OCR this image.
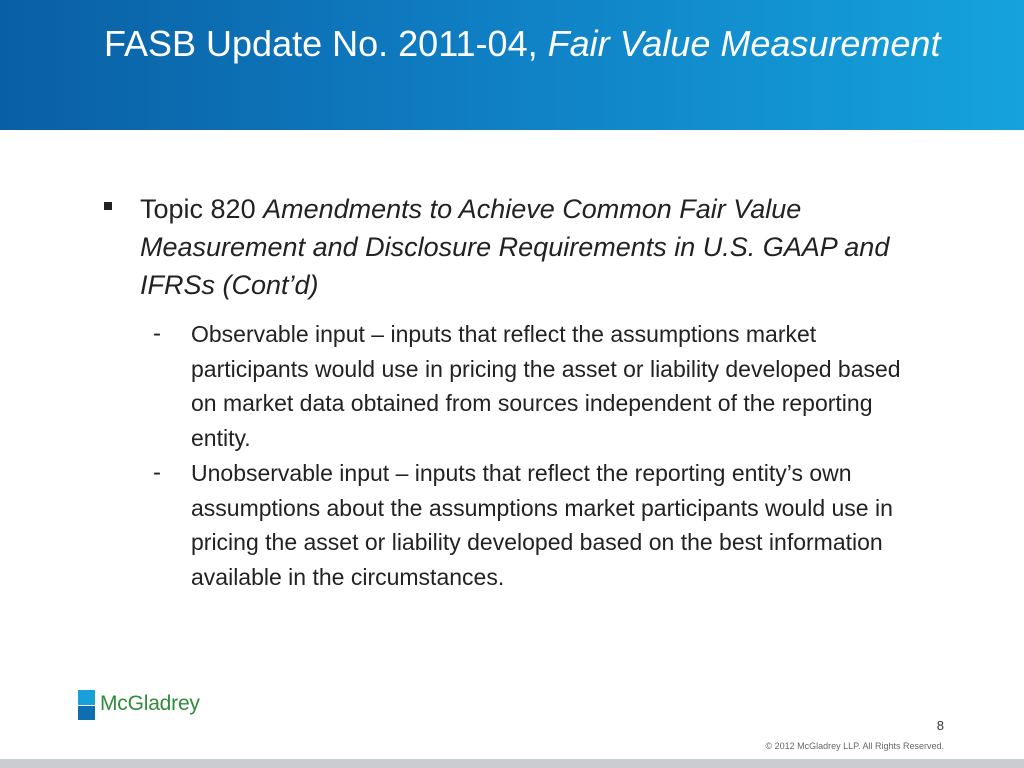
FASB Update No. 2011-04, Fair Value Measurement
Topic 820 Amendments to Achieve Common Fair Value Measurement and Disclosure Requirements in U.S. GAAP and IFRSs (Cont’d)
- Observable input – inputs that reflect the assumptions market participants would use in pricing the asset or liability developed based on market data obtained from sources independent of the reporting entity.
- Unobservable input – inputs that reflect the reporting entity’s own assumptions about the assumptions market participants would use in pricing the asset or liability developed based on the best information available in the circumstances.
McGladrey
8
© 2012 McGladrey LLP. All Rights Reserved.
